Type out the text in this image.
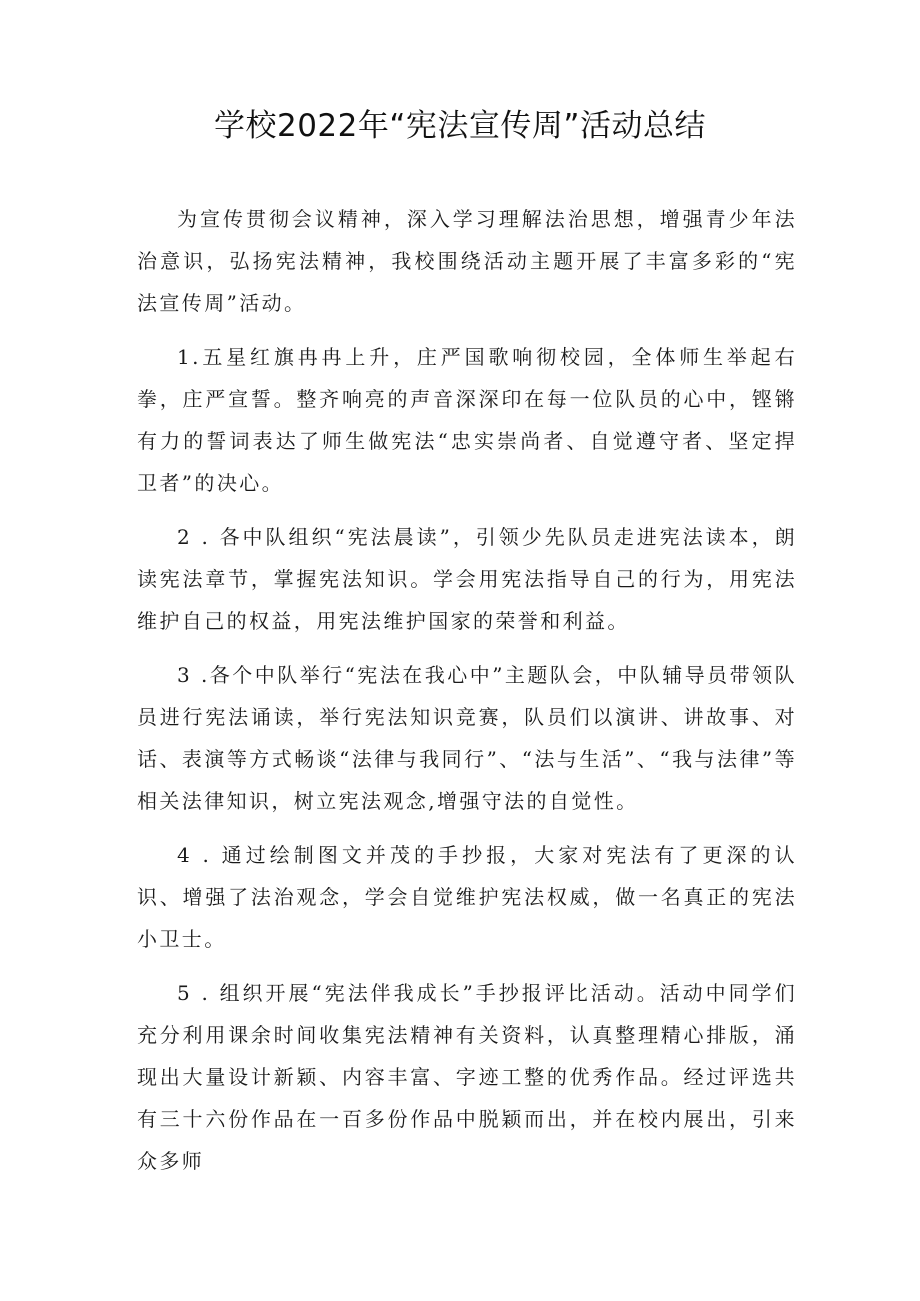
学校2022年“宪法宣传周”活动总结

为宣传贯彻会议精神，深入学习理解法治思想，增强青少年法治意识，弘扬宪法精神，我校围绕活动主题开展了丰富多彩的“宪法宣传周”活动。

1.五星红旗冉冉上升，庄严国歌响彻校园，全体师生举起右拳，庄严宣誓。整齐响亮的声音深深印在每一位队员的心中，铿锵有力的誓词表达了师生做宪法“忠实崇尚者、自觉遵守者、坚定捍卫者”的决心。

2 . 各中队组织“宪法晨读”，引领少先队员走进宪法读本，朗读宪法章节，掌握宪法知识。学会用宪法指导自己的行为，用宪法维护自己的权益，用宪法维护国家的荣誉和利益。

3 .各个中队举行“宪法在我心中”主题队会，中队辅导员带领队员进行宪法诵读，举行宪法知识竞赛，队员们以演讲、讲故事、对话、表演等方式畅谈“法律与我同行”、“法与生活”、“我与法律”等相关法律知识，树立宪法观念,增强守法的自觉性。

4 . 通过绘制图文并茂的手抄报，大家对宪法有了更深的认识、增强了法治观念，学会自觉维护宪法权威，做一名真正的宪法小卫士。

5 . 组织开展“宪法伴我成长”手抄报评比活动。活动中同学们充分利用课余时间收集宪法精神有关资料，认真整理精心排版，涌现出大量设计新颖、内容丰富、字迹工整的优秀作品。经过评选共有三十六份作品在一百多份作品中脱颖而出，并在校内展出，引来众多师
